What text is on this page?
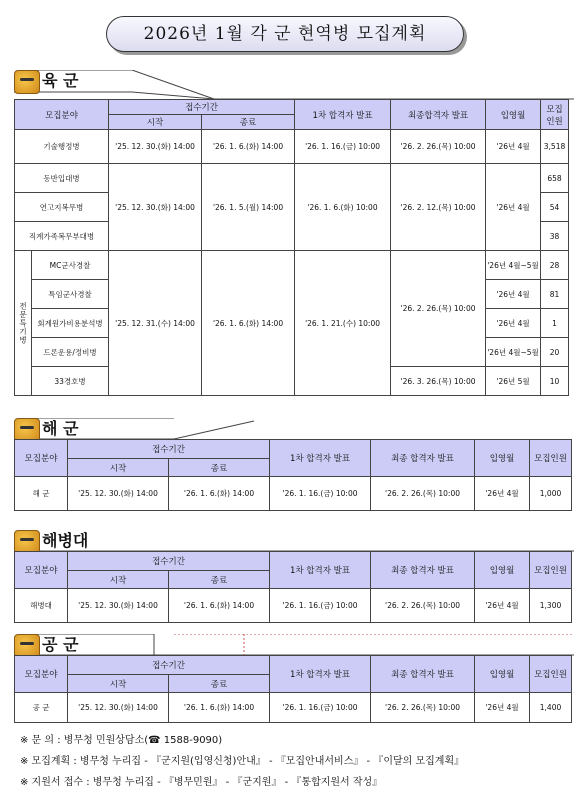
2026년 1월 각 군 현역병 모집계획
육 군
모집분야		접수기간		1차 합격자 발표	최종합격자 발표	입영월	모집
인원
		시작	종료				
기술행정병		'25. 12. 30.(화) 14:00	'26. 1. 6.(화) 14:00	'26. 1. 16.(금) 10:00	'26. 2. 26.(목) 10:00	'26년 4월	3,518
동반입대병		'25. 12. 30.(화) 14:00	'26. 1. 5.(월) 14:00	'26. 1. 6.(화) 10:00	'26. 2. 12.(목) 10:00	'26년 4월	658
연고지복무병							54
직계가족복무부대병							38
전문특기병	MC군사경찰	'25. 12. 31.(수) 14:00	'26. 1. 6.(화) 14:00	'26. 1. 21.(수) 10:00	'26. 2. 26.(목) 10:00	'26년 4월~5월	28
	특임군사경찰					'26년 4월	81
	회계원가비용분석병					'26년 4월	1
	드론운용/정비병					'26년 4월~5월	20
	33경호병				'26. 3. 26.(목) 10:00	'26년 5월	10
해 군
모집분야	접수기간		1차 합격자 발표	최종 합격자 발표	입영월	모집인원
	시작	종료				
해 군	'25. 12. 30.(화) 14:00	'26. 1. 6.(화) 14:00	'26. 1. 16.(금) 10:00	'26. 2. 26.(목) 10:00	'26년 4월	1,000
해병대
모집분야	접수기간		1차 합격자 발표	최종 합격자 발표	입영월	모집인원
	시작	종료				
해병대	'25. 12. 30.(화) 14:00	'26. 1. 6.(화) 14:00	'26. 1. 16.(금) 10:00	'26. 2. 26.(목) 10:00	'26년 4월	1,300
공 군
모집분야	접수기간		1차 합격자 발표	최종 합격자 발표	입영월	모집인원
	시작	종료				
공 군	'25. 12. 30.(화) 14:00	'26. 1. 6.(화) 14:00	'26. 1. 16.(금) 10:00	'26. 2. 26.(목) 10:00	'26년 4월	1,400
※ 문 의 : 병무청 민원상담소(☎ 1588-9090)
※ 모집계획 : 병무청 누리집 - 『군지원(입영신청)안내』 - 『모집안내서비스』 - 『이달의 모집계획』
※ 지원서 접수 : 병무청 누리집 - 『병무민원』 - 『군지원』 - 『통합지원서 작성』
